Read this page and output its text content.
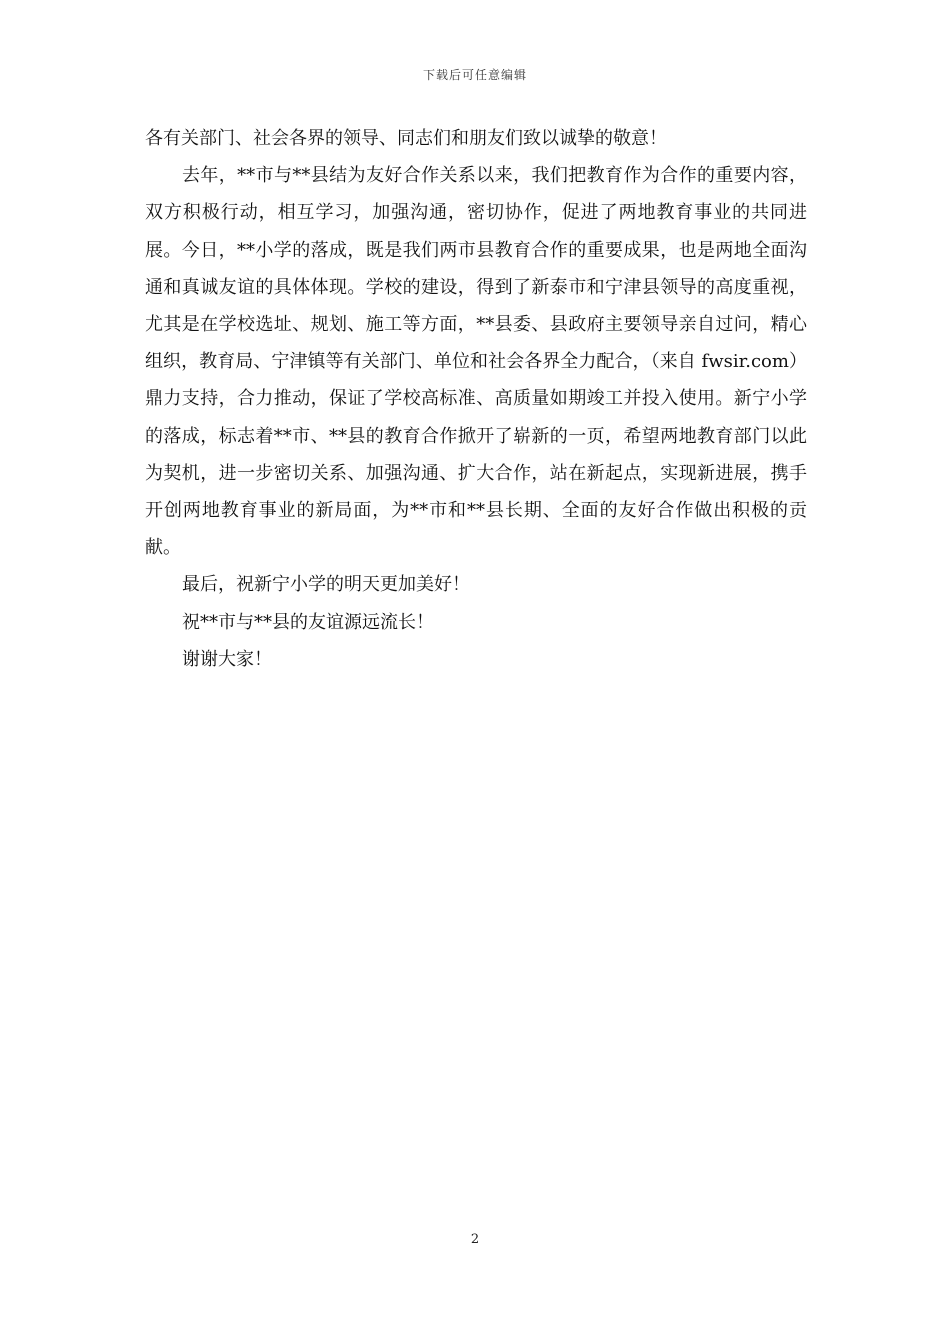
下载后可任意编辑

各有关部门、社会各界的领导、同志们和朋友们致以诚挚的敬意！

去年，**市与**县结为友好合作关系以来，我们把教育作为合作的重要内容，双方积极行动，相互学习，加强沟通，密切协作，促进了两地教育事业的共同进展。今日，**小学的落成，既是我们两市县教育合作的重要成果，也是两地全面沟通和真诚友谊的具体体现。学校的建设，得到了新泰市和宁津县领导的高度重视，尤其是在学校选址、规划、施工等方面，**县委、县政府主要领导亲自过问，精心组织，教育局、宁津镇等有关部门、单位和社会各界全力配合，（来自 fwsir.com）鼎力支持，合力推动，保证了学校高标准、高质量如期竣工并投入使用。新宁小学的落成，标志着**市、**县的教育合作掀开了崭新的一页，希望两地教育部门以此为契机，进一步密切关系、加强沟通、扩大合作，站在新起点，实现新进展，携手开创两地教育事业的新局面，为**市和**县长期、全面的友好合作做出积极的贡献。

最后，祝新宁小学的明天更加美好！

祝**市与**县的友谊源远流长！

谢谢大家！

2
